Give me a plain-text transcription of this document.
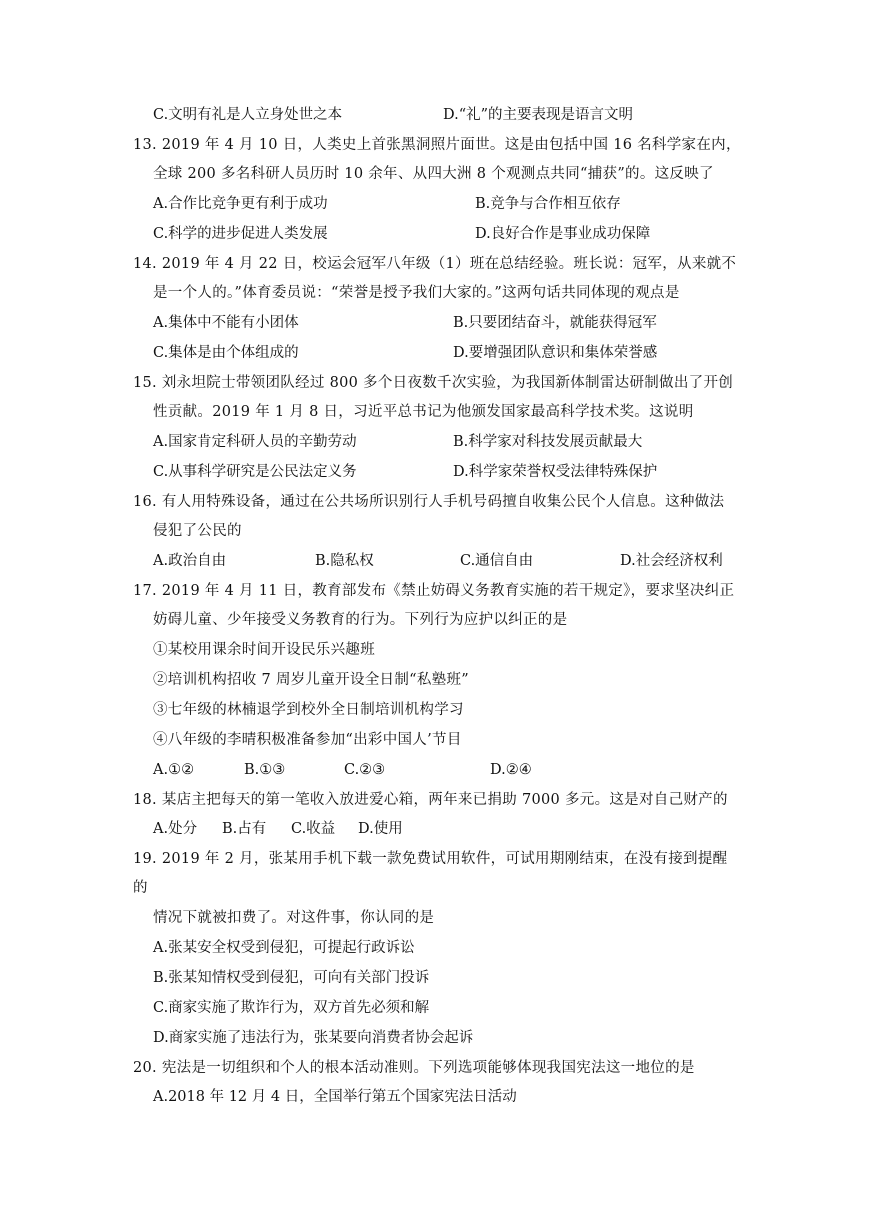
C.文明有礼是人立身处世之本	D.“礼”的主要表现是语言文明
13. 2019 年 4 月 10 日，人类史上首张黑洞照片面世。这是由包括中国 16 名科学家在内，
全球 200 多名科研人员历时 10 余年、从四大洲 8 个观测点共同“捕获”的。这反映了
A.合作比竞争更有利于成功	B.竞争与合作相互依存
C.科学的进步促进人类发展	D.良好合作是事业成功保障
14. 2019 年 4 月 22 日，校运会冠军八年级（1）班在总结经验。班长说：冠军，从来就不
是一个人的。”体育委员说：“荣誉是授予我们大家的。”这两句话共同体现的观点是
A.集体中不能有小团体	B.只要团结奋斗，就能获得冠军
C.集体是由个体组成的	D.要增强团队意识和集体荣誉感
15. 刘永坦院士带领团队经过 800 多个日夜数千次实验，为我国新体制雷达研制做出了开创
性贡献。2019 年 1 月 8 日，习近平总书记为他颁发国家最高科学技术奖。这说明
A.国家肯定科研人员的辛勤劳动	B.科学家对科技发展贡献最大
C.从事科学研究是公民法定义务	D.科学家荣誉权受法律特殊保护
16. 有人用特殊设备，通过在公共场所识别行人手机号码擅自收集公民个人信息。这种做法
侵犯了公民的
A.政治自由	B.隐私权	C.通信自由	D.社会经济权利
17. 2019 年 4 月 11 日，教育部发布《禁止妨碍义务教育实施的若干规定》，要求坚决纠正
妨碍儿童、少年接受义务教育的行为。下列行为应护以纠正的是
①某校用课余时间开设民乐兴趣班
②培训机构招收 7 周岁儿童开设全日制“私塾班”
③七年级的林楠退学到校外全日制培训机构学习
④八年级的李晴积极准备参加“出彩中国人’节目
A.①②	B.①③	C.②③	D.②④
18. 某店主把每天的第一笔收入放进爱心箱，两年来已捐助 7000 多元。这是对自己财产的
A.处分 B.占有 C.收益 D.使用
19. 2019 年 2 月，张某用手机下载一款免费试用软件，可试用期刚结束，在没有接到提醒
的
情况下就被扣费了。对这件事，你认同的是
A.张某安全权受到侵犯，可提起行政诉讼
B.张某知情权受到侵犯，可向有关部门投诉
C.商家实施了欺诈行为，双方首先必须和解
D.商家实施了违法行为，张某要向消费者协会起诉
20. 宪法是一切组织和个人的根本活动准则。下列选项能够体现我国宪法这一地位的是
A.2018 年 12 月 4 日，全国举行第五个国家宪法日活动
